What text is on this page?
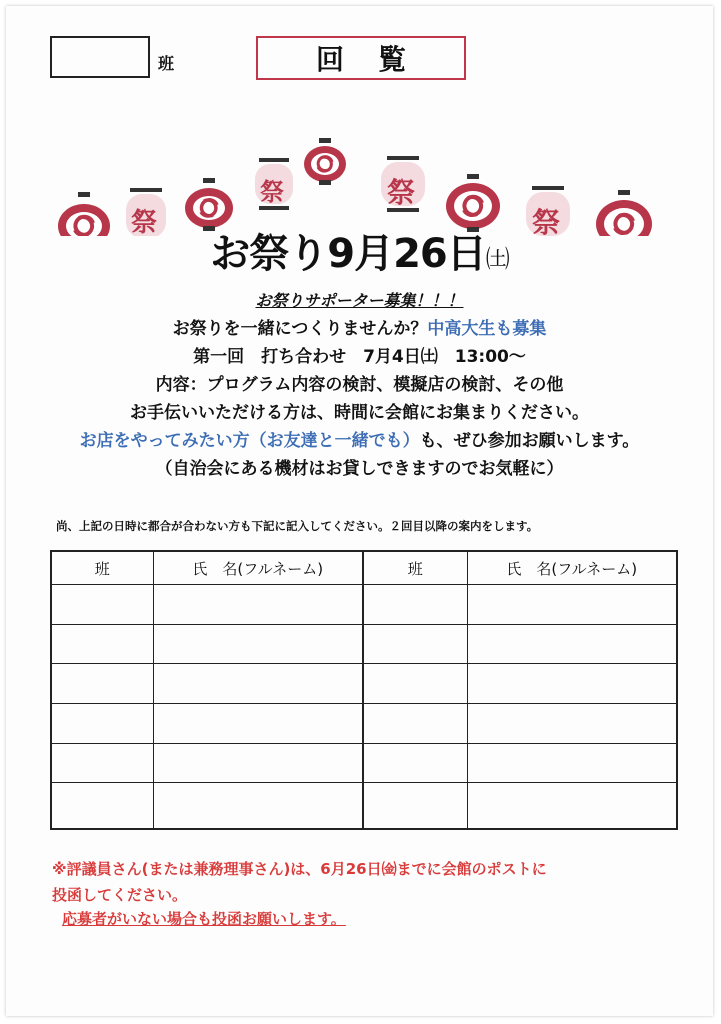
班	回覧
祭
祭	祭
祭
お祭り9月26日㈯
お祭りサポーター募集！！！
お祭りを一緒につくりませんか？中高大生も募集
第一回　打ち合わせ　7月4日㈯　13:00～
内容：プログラム内容の検討、模擬店の検討、その他
お手伝いいただける方は、時間に会館にお集まりください。
お店をやってみたい方（お友達と一緒でも）も、ぜひ参加お願いします。
（自治会にある機材はお貸しできますのでお気軽に）
尚、上記の日時に都合が合わない方も下記に記入してください。２回目以降の案内をします。
班	氏　名(フルネーム)	班	氏　名(フルネーム)

※評議員さん(または兼務理事さん)は、6月26日㈮までに会館のポストに
投函してください。
応募者がいない場合も投函お願いします。
